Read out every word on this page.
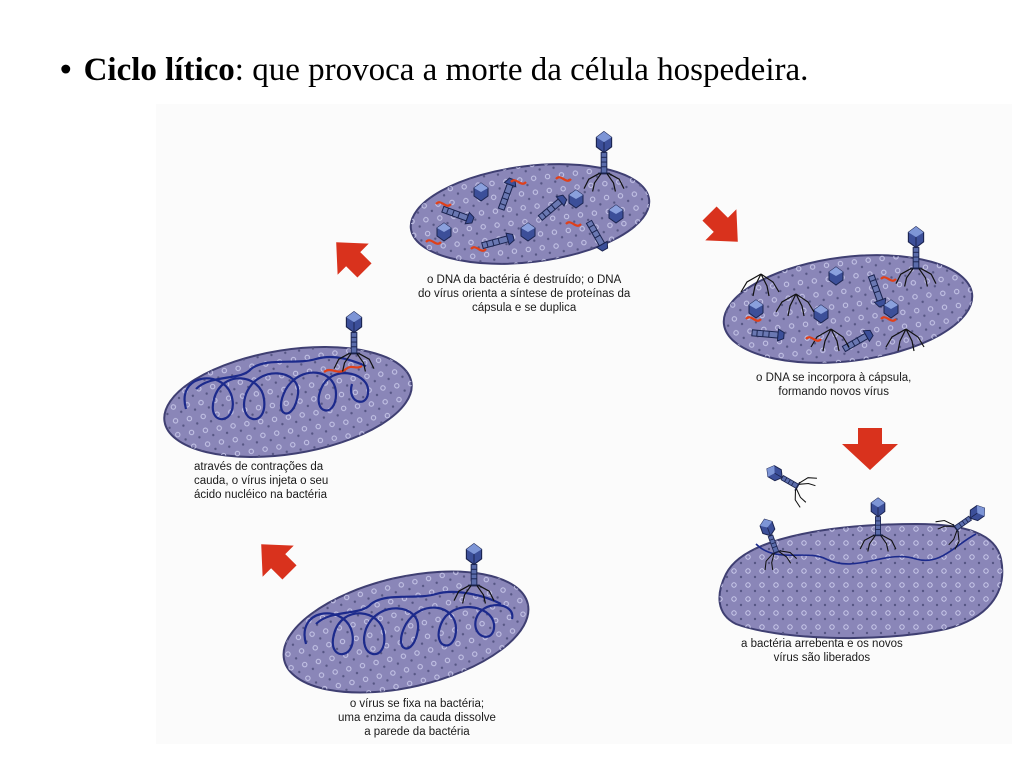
• Ciclo lítico: que provoca a morte da célula hospedeira.
o vírus se fixa na bactéria;
uma enzima da cauda dissolve
a parede da bactéria
através de contrações da
cauda, o vírus injeta o seu
ácido nucléico na bactéria
o DNA da bactéria é destruído; o DNA
do vírus orienta a síntese de proteínas da
cápsula e se duplica
o DNA se incorpora à cápsula,
formando novos vírus
a bactéria arrebenta e os novos
vírus são liberados
